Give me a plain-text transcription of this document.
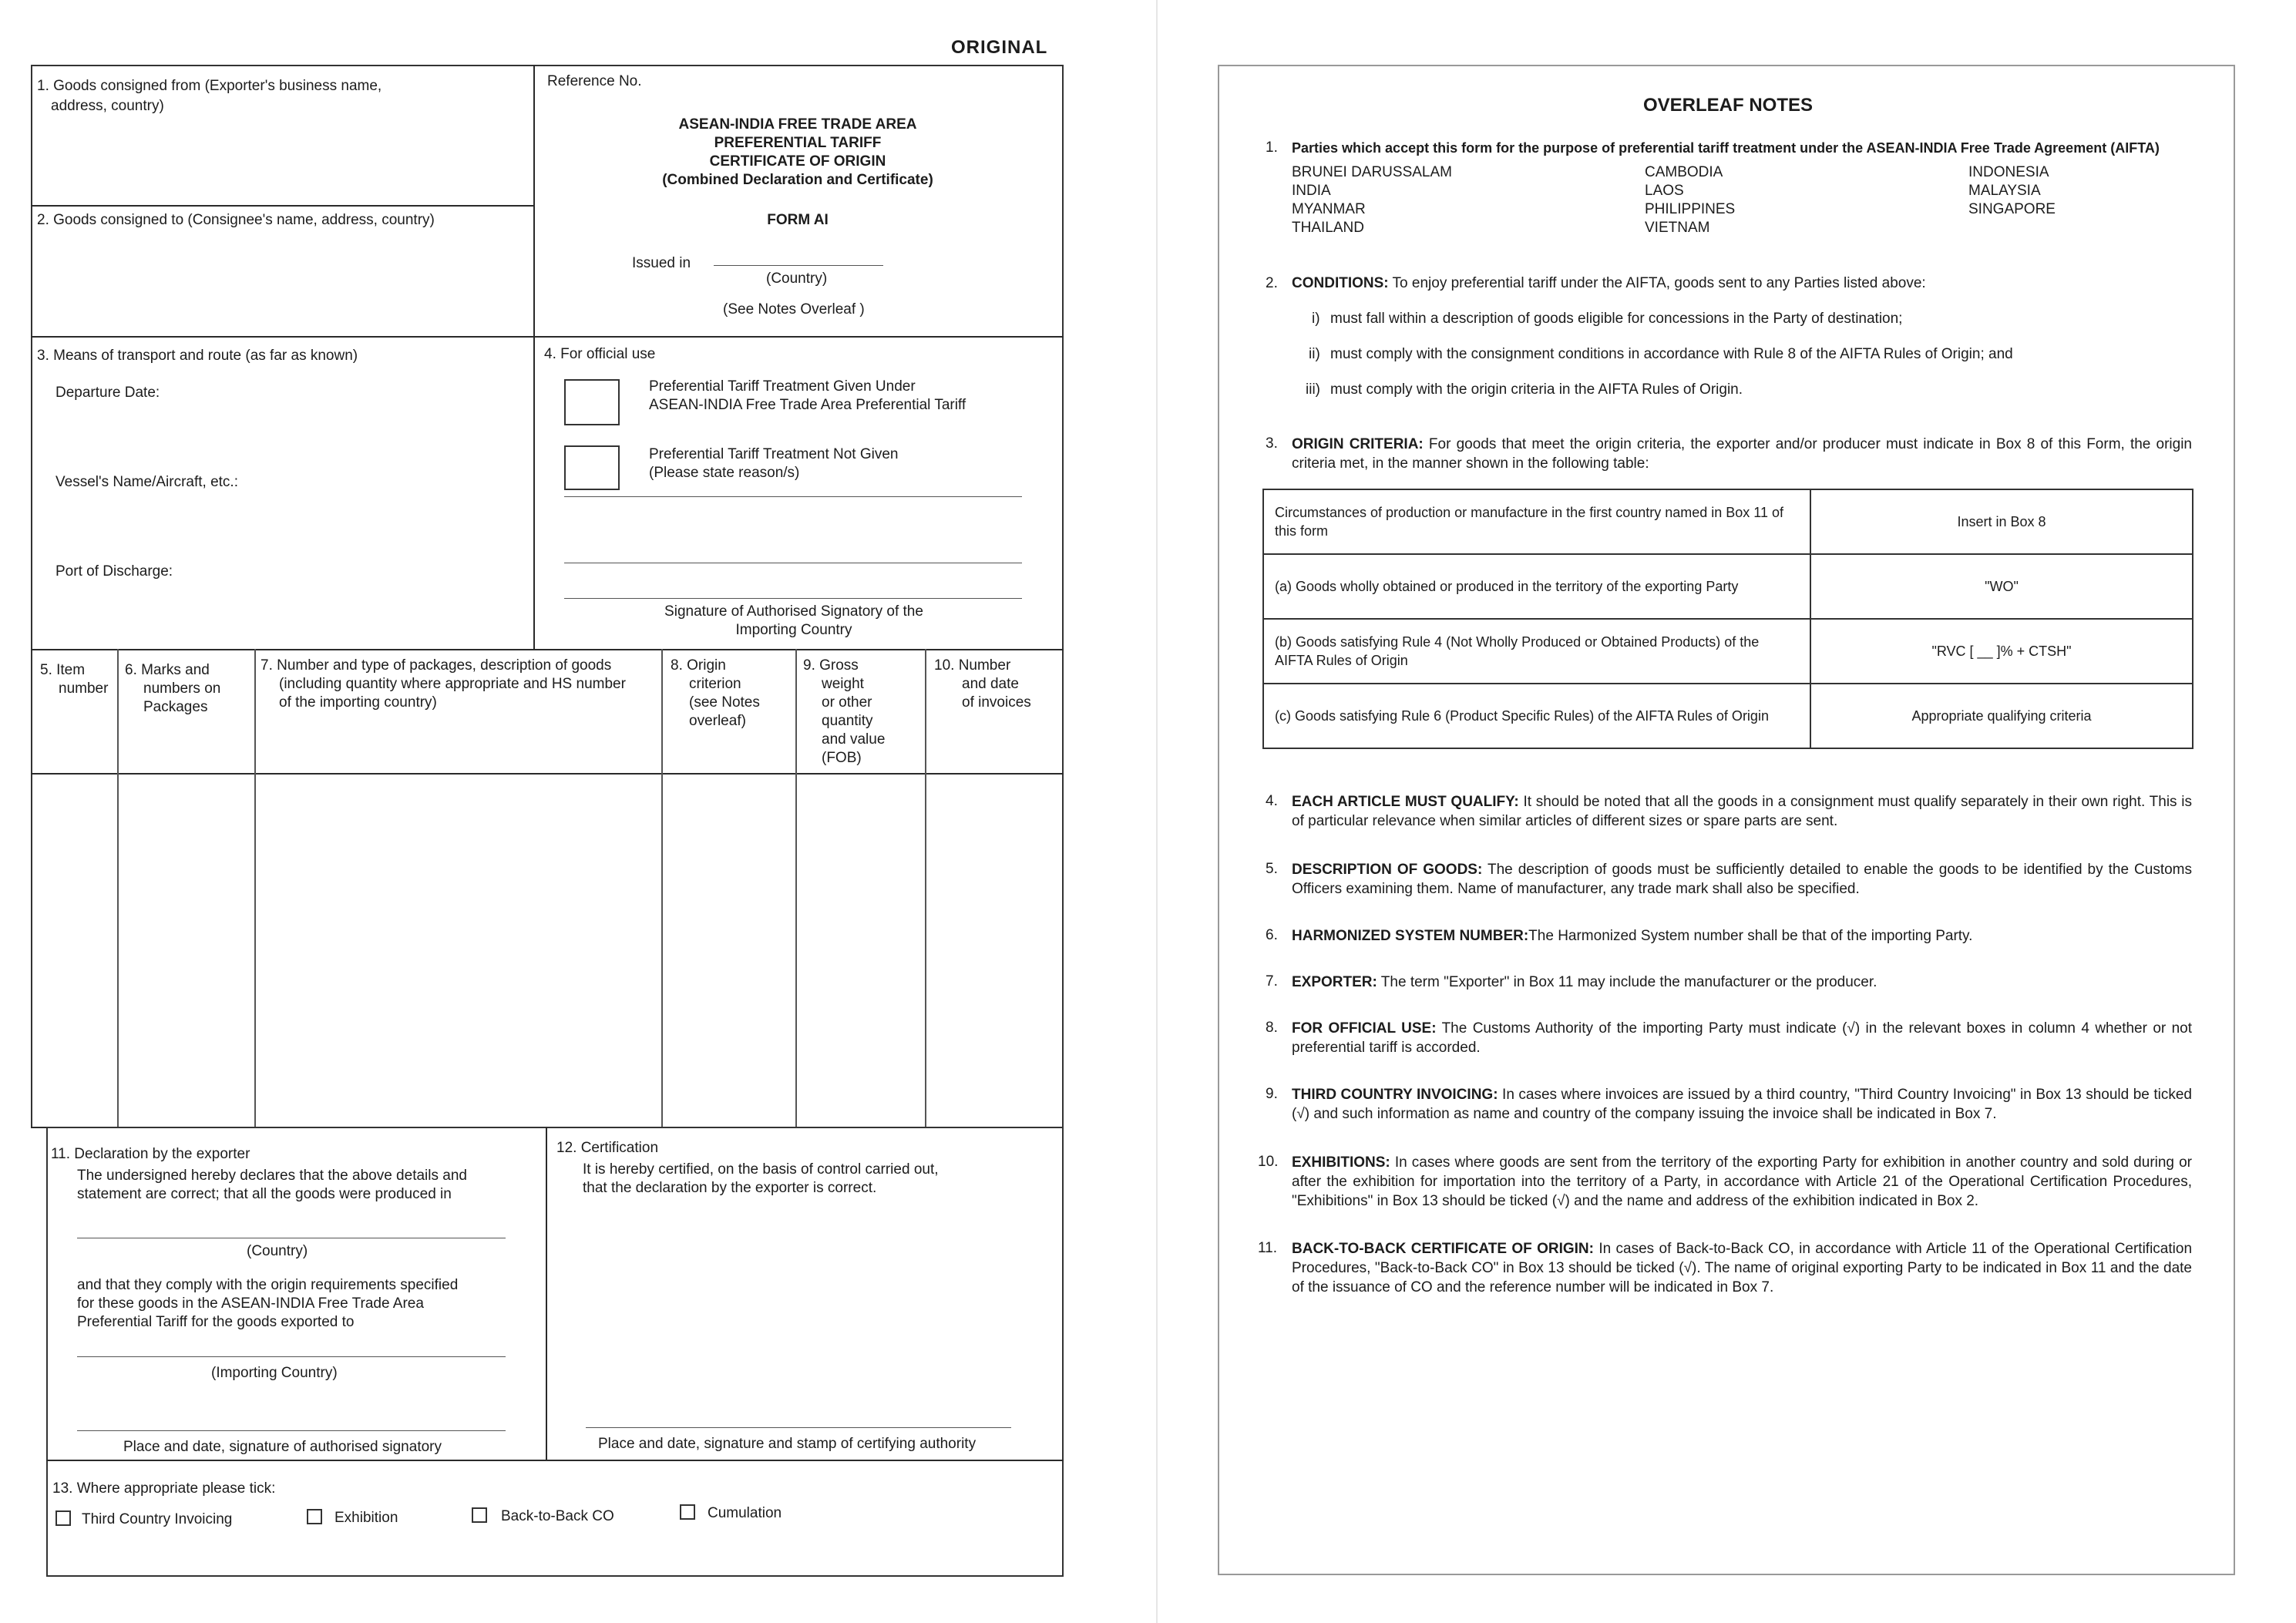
ORIGINAL
1. Goods consigned from (Exporter's business name,
address, country)
Reference No.
ASEAN-INDIA FREE TRADE AREA
PREFERENTIAL TARIFF
CERTIFICATE OF ORIGIN
(Combined Declaration and Certificate)
FORM AI
Issued in
(Country)
(See Notes Overleaf )
2. Goods consigned to (Consignee's name, address, country)
3. Means of transport and route (as far as known)
Departure Date:
Vessel's Name/Aircraft, etc.:
Port of Discharge:
4. For official use
Preferential Tariff Treatment Given Under
ASEAN-INDIA Free Trade Area Preferential Tariff
Preferential Tariff Treatment Not Given
(Please state reason/s)
Signature of Authorised Signatory of the
Importing Country
5. Item
number
6. Marks and
numbers on
Packages
7. Number and type of packages, description of goods
(including quantity where appropriate and HS number
of the importing country)
8. Origin
criterion
(see Notes
overleaf)
9. Gross
weight
or other
quantity
and value
(FOB)
10. Number
and date
of invoices
11. Declaration by the exporter
The undersigned hereby declares that the above details and
statement are correct; that all the goods were produced in
(Country)
and that they comply with the origin requirements specified
for these goods in the ASEAN-INDIA Free Trade Area
Preferential Tariff for the goods exported to
(Importing Country)
Place and date, signature of authorised signatory
12. Certification
It is hereby certified, on the basis of control carried out,
that the declaration by the exporter is correct.
Place and date, signature and stamp of certifying authority
13. Where appropriate please tick:
Third Country Invoicing	Exhibition	Back-to-Back CO	Cumulation
OVERLEAF NOTES
1. Parties which accept this form for the purpose of preferential tariff treatment under the ASEAN-INDIA Free Trade Agreement (AIFTA)
BRUNEI DARUSSALAM
INDIA
MYANMAR
THAILAND
CAMBODIA
LAOS
PHILIPPINES
VIETNAM
INDONESIA
MALAYSIA
SINGAPORE
2. CONDITIONS: To enjoy preferential tariff under the AIFTA, goods sent to any Parties listed above:
i) must fall within a description of goods eligible for concessions in the Party of destination;
ii) must comply with the consignment conditions in accordance with Rule 8 of the AIFTA Rules of Origin; and
iii) must comply with the origin criteria in the AIFTA Rules of Origin.
3. ORIGIN CRITERIA: For goods that meet the origin criteria, the exporter and/or producer must indicate in Box 8 of this Form, the origin criteria met, in the manner shown in the following table:
Circumstances of production or manufacture in the first country named in Box 11 of this form	Insert in Box 8
(a) Goods wholly obtained or produced in the territory of the exporting Party	"WO"
(b) Goods satisfying Rule 4 (Not Wholly Produced or Obtained Products) of the AIFTA Rules of Origin	"RVC [ __ ]% + CTSH"
(c) Goods satisfying Rule 6 (Product Specific Rules) of the AIFTA Rules of Origin	Appropriate qualifying criteria
4. EACH ARTICLE MUST QUALIFY: It should be noted that all the goods in a consignment must qualify separately in their own right. This is of particular relevance when similar articles of different sizes or spare parts are sent.
5. DESCRIPTION OF GOODS: The description of goods must be sufficiently detailed to enable the goods to be identified by the Customs Officers examining them. Name of manufacturer, any trade mark shall also be specified.
6. HARMONIZED SYSTEM NUMBER:The Harmonized System number shall be that of the importing Party.
7. EXPORTER: The term "Exporter" in Box 11 may include the manufacturer or the producer.
8. FOR OFFICIAL USE: The Customs Authority of the importing Party must indicate (√) in the relevant boxes in column 4 whether or not preferential tariff is accorded.
9. THIRD COUNTRY INVOICING: In cases where invoices are issued by a third country, "Third Country Invoicing" in Box 13 should be ticked (√) and such information as name and country of the company issuing the invoice shall be indicated in Box 7.
10. EXHIBITIONS: In cases where goods are sent from the territory of the exporting Party for exhibition in another country and sold during or after the exhibition for importation into the territory of a Party, in accordance with Article 21 of the Operational Certification Procedures, "Exhibitions" in Box 13 should be ticked (√) and the name and address of the exhibition indicated in Box 2.
11. BACK-TO-BACK CERTIFICATE OF ORIGIN: In cases of Back-to-Back CO, in accordance with Article 11 of the Operational Certification Procedures, "Back-to-Back CO" in Box 13 should be ticked (√). The name of original exporting Party to be indicated in Box 11 and the date of the issuance of CO and the reference number will be indicated in Box 7.
